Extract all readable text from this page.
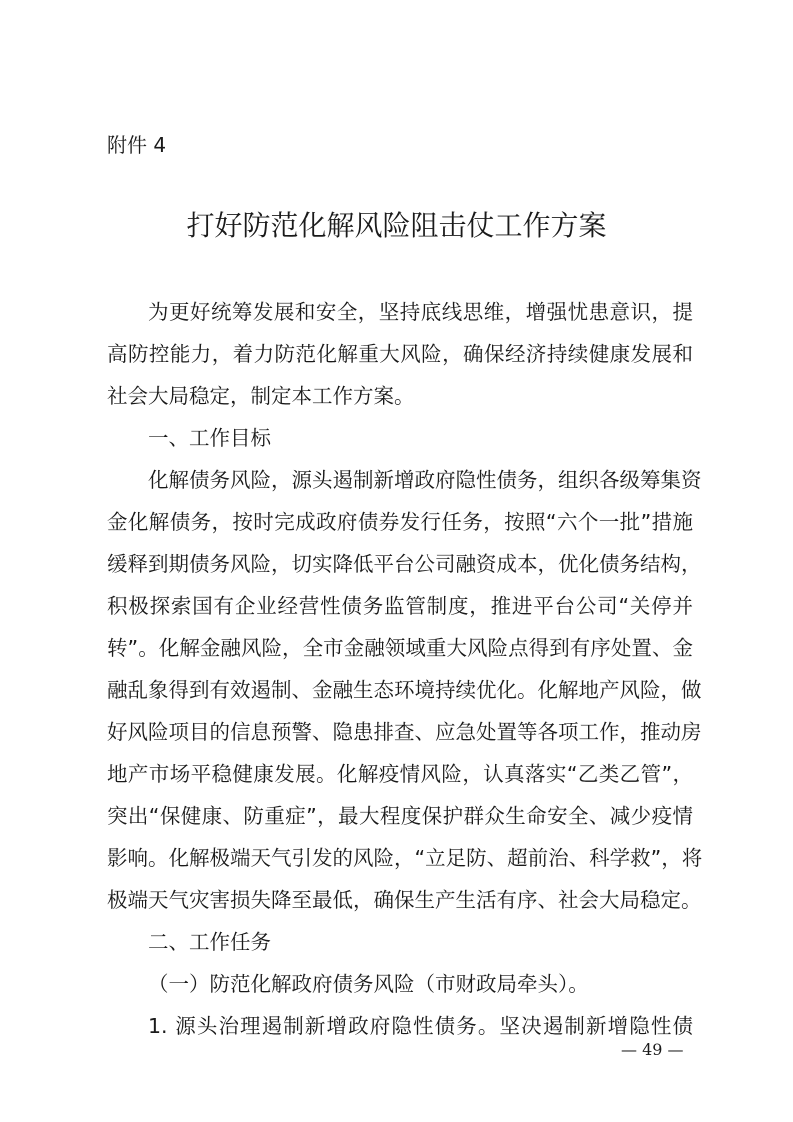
附件 4
打好防范化解风险阻击仗工作方案
为更好统筹发展和安全，坚持底线思维，增强忧患意识，提
高防控能力，着力防范化解重大风险，确保经济持续健康发展和
社会大局稳定，制定本工作方案。
一、工作目标
化解债务风险，源头遏制新增政府隐性债务，组织各级筹集资
金化解债务，按时完成政府债券发行任务，按照“六个一批”措施
缓释到期债务风险，切实降低平台公司融资成本，优化债务结构，
积极探索国有企业经营性债务监管制度，推进平台公司“关停并
转”。化解金融风险，全市金融领域重大风险点得到有序处置、金
融乱象得到有效遏制、金融生态环境持续优化。化解地产风险，做
好风险项目的信息预警、隐患排查、应急处置等各项工作，推动房
地产市场平稳健康发展。化解疫情风险，认真落实“乙类乙管”，
突出“保健康、防重症”，最大程度保护群众生命安全、减少疫情
影响。化解极端天气引发的风险，“立足防、超前治、科学救”，将
极端天气灾害损失降至最低，确保生产生活有序、社会大局稳定。
二、工作任务
（一）防范化解政府债务风险（市财政局牵头）。
1. 源头治理遏制新增政府隐性债务。坚决遏制新增隐性债
— 49 —
